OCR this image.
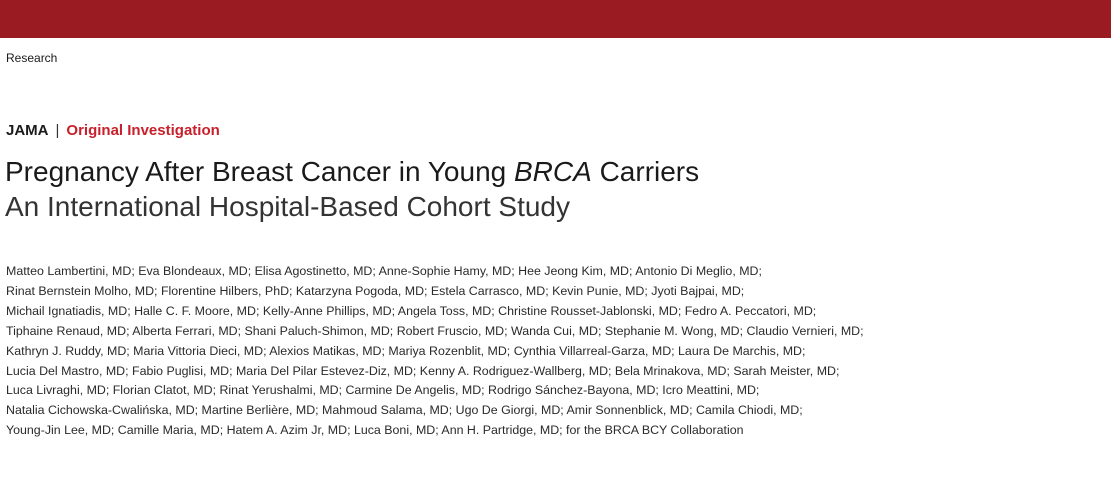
Research
JAMA | Original Investigation
Pregnancy After Breast Cancer in Young BRCA Carriers
An International Hospital-Based Cohort Study
Matteo Lambertini, MD; Eva Blondeaux, MD; Elisa Agostinetto, MD; Anne-Sophie Hamy, MD; Hee Jeong Kim, MD; Antonio Di Meglio, MD;
Rinat Bernstein Molho, MD; Florentine Hilbers, PhD; Katarzyna Pogoda, MD; Estela Carrasco, MD; Kevin Punie, MD; Jyoti Bajpai, MD;
Michail Ignatiadis, MD; Halle C. F. Moore, MD; Kelly-Anne Phillips, MD; Angela Toss, MD; Christine Rousset-Jablonski, MD; Fedro A. Peccatori, MD;
Tiphaine Renaud, MD; Alberta Ferrari, MD; Shani Paluch-Shimon, MD; Robert Fruscio, MD; Wanda Cui, MD; Stephanie M. Wong, MD; Claudio Vernieri, MD;
Kathryn J. Ruddy, MD; Maria Vittoria Dieci, MD; Alexios Matikas, MD; Mariya Rozenblit, MD; Cynthia Villarreal-Garza, MD; Laura De Marchis, MD;
Lucia Del Mastro, MD; Fabio Puglisi, MD; Maria Del Pilar Estevez-Diz, MD; Kenny A. Rodriguez-Wallberg, MD; Bela Mrinakova, MD; Sarah Meister, MD;
Luca Livraghi, MD; Florian Clatot, MD; Rinat Yerushalmi, MD; Carmine De Angelis, MD; Rodrigo Sánchez-Bayona, MD; Icro Meattini, MD;
Natalia Cichowska-Cwalińska, MD; Martine Berlière, MD; Mahmoud Salama, MD; Ugo De Giorgi, MD; Amir Sonnenblick, MD; Camila Chiodi, MD;
Young-Jin Lee, MD; Camille Maria, MD; Hatem A. Azim Jr, MD; Luca Boni, MD; Ann H. Partridge, MD; for the BRCA BCY Collaboration
